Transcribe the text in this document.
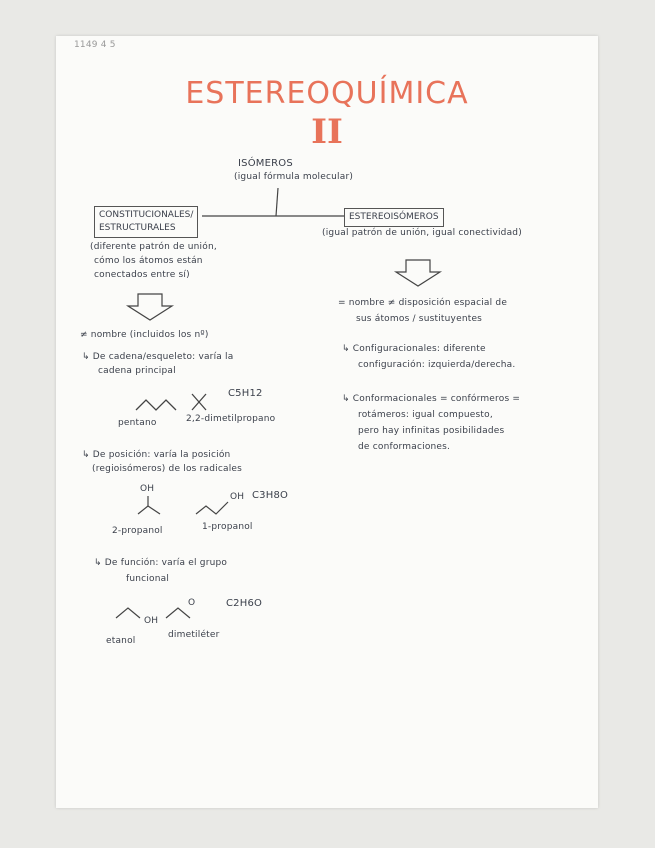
1149 4 5
ESTEREOQUÍMICA
II
ISÓMEROS
(igual fórmula molecular)
CONSTITUCIONALES/
ESTRUCTURALES
(diferente patrón de unión,
cómo los átomos están
conectados entre sí)
≠ nombre (incluidos los nº)
↳ De cadena/esqueleto: varía la
cadena principal
C5H12
pentano	2,2-dimetilpropano
↳ De posición: varía la posición
(regioisómeros) de los radicales
OH
OH C3H8O
2-propanol	1-propanol
↳ De función: varía el grupo
funcional
C2H6O
OH
O
etanol
dimetiléter
ESTEREOISÓMEROS
(igual patrón de unión, igual conectividad)
= nombre ≠ disposición espacial de
sus átomos / sustituyentes
↳ Configuracionales: diferente
configuración: izquierda/derecha.
↳ Conformacionales = confórmeros =
rotámeros: igual compuesto,
pero hay infinitas posibilidades
de conformaciones.
